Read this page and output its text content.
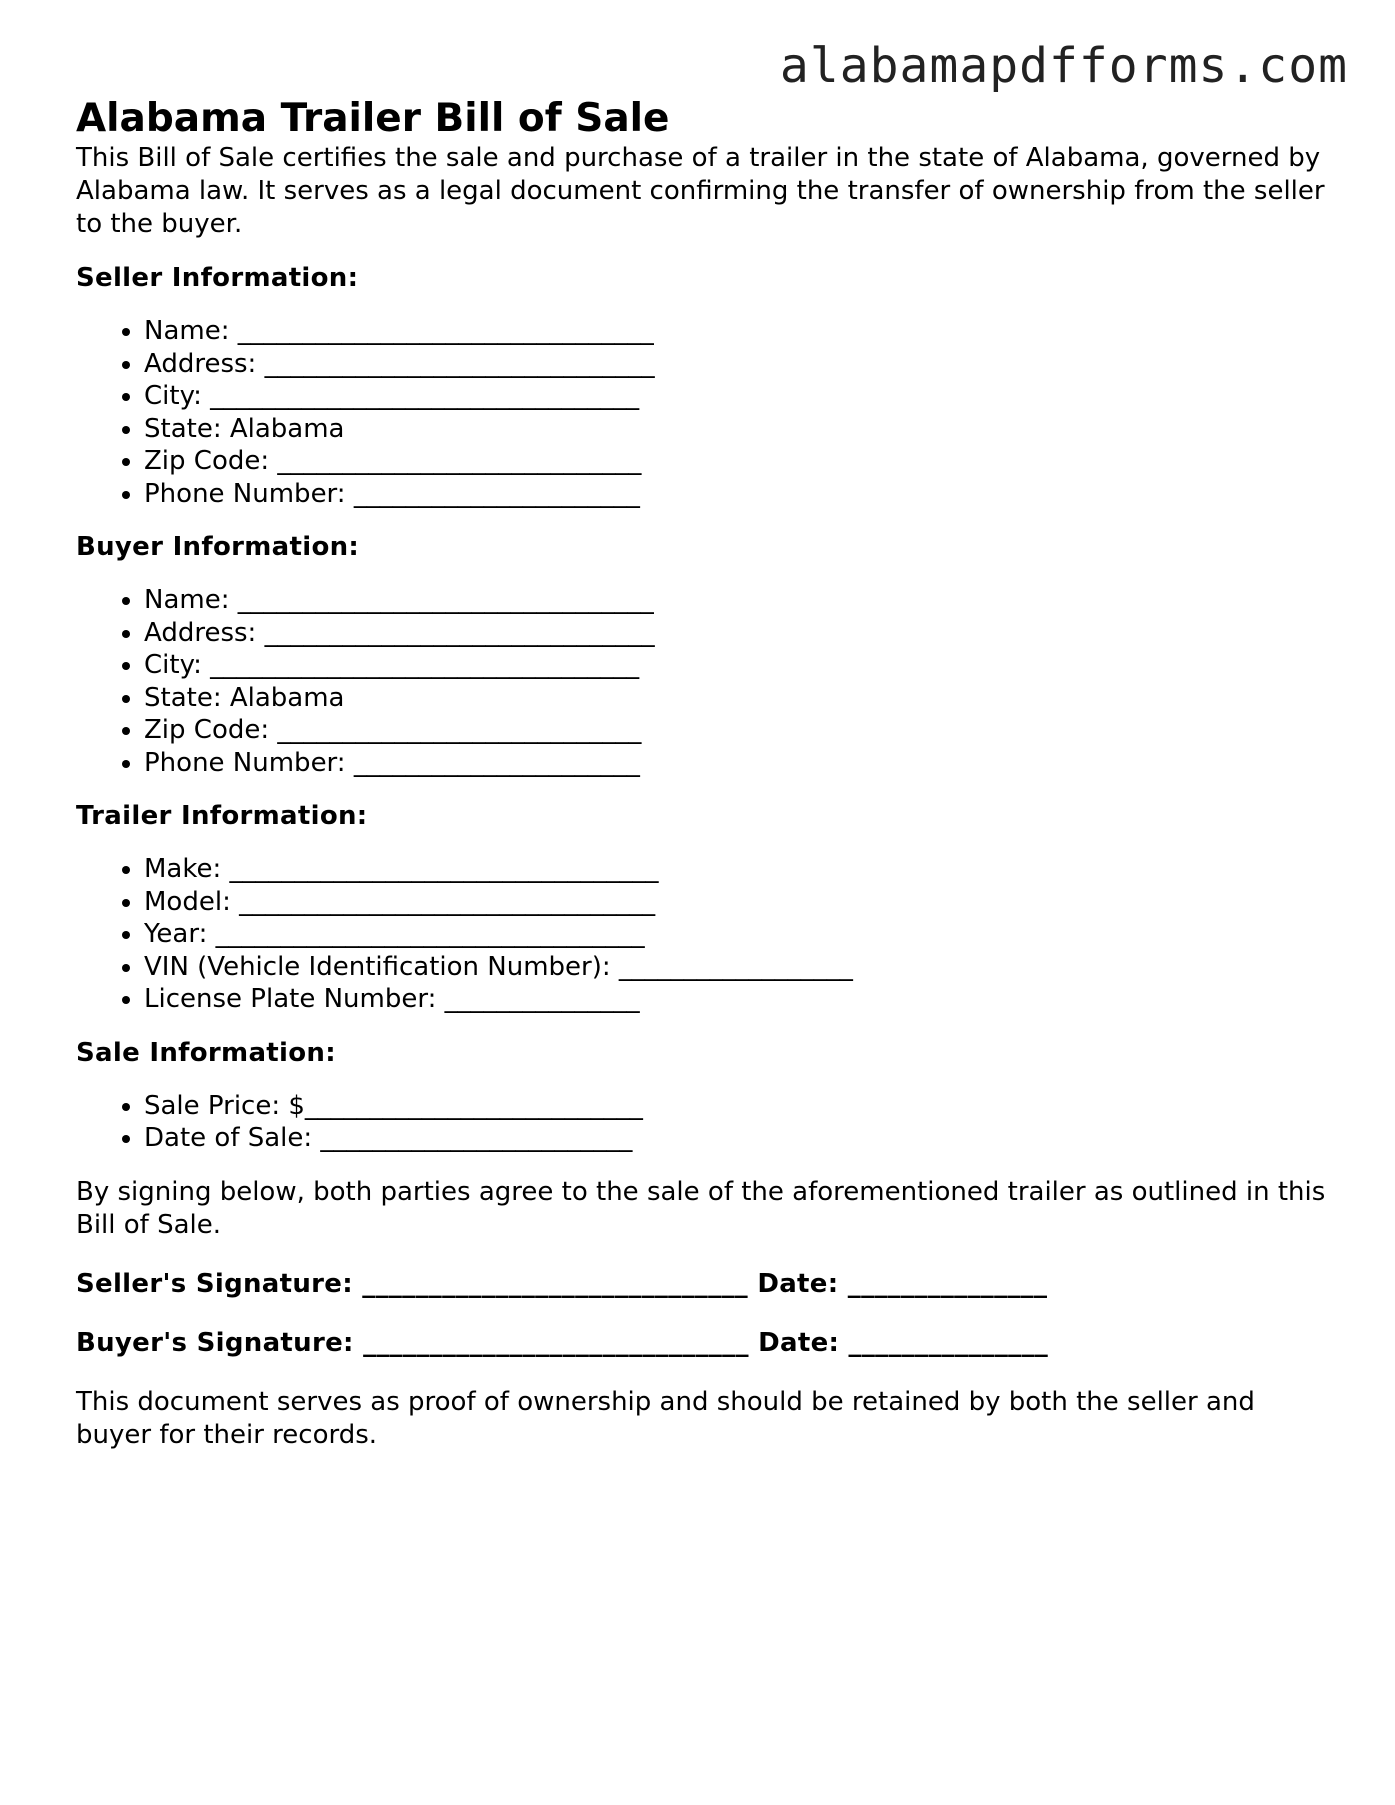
alabamapdfforms.com
Alabama Trailer Bill of Sale

This Bill of Sale certifies the sale and purchase of a trailer in the state of Alabama, governed by Alabama law. It serves as a legal document confirming the transfer of ownership from the seller to the buyer.

Seller Information:
• Name: ________________________________
• Address: ______________________________
• City: _________________________________
• State: Alabama
• Zip Code: ____________________________
• Phone Number: ______________________
Buyer Information:
• Name: ________________________________
• Address: ______________________________
• City: _________________________________
• State: Alabama
• Zip Code: ____________________________
• Phone Number: ______________________
Trailer Information:
• Make: _________________________________
• Model: ________________________________
• Year: _________________________________
• VIN (Vehicle Identification Number): __________________
• License Plate Number: _______________
Sale Information:
• Sale Price: $__________________________
• Date of Sale: ________________________

By signing below, both parties agree to the sale of the aforementioned trailer as outlined in this Bill of Sale.

Seller's Signature: _____________________________ Date: _______________
Buyer's Signature: _____________________________ Date: _______________

This document serves as proof of ownership and should be retained by both the seller and buyer for their records.
